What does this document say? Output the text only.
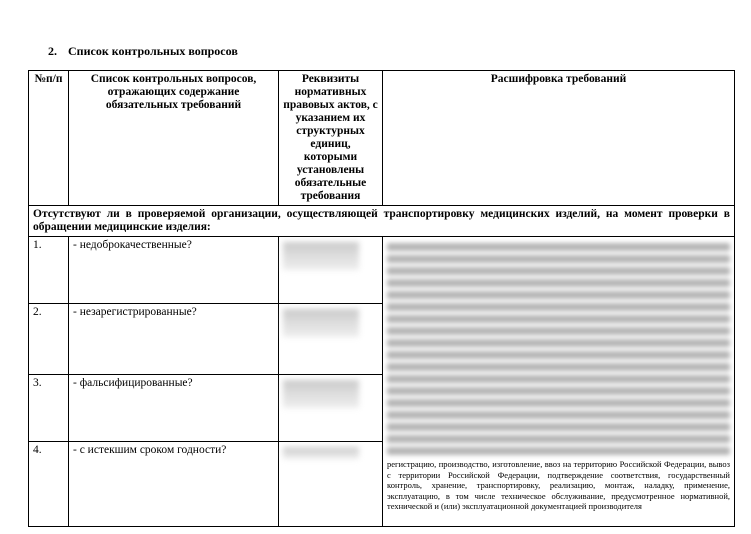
2. Список контрольных вопросов
№п/п	Список контрольных вопросов, отражающих содержание обязательных требований	Реквизиты нормативных правовых актов, с указанием их структурных единиц, которыми установлены обязательные требования	Расшифровка требований
Отсутствуют ли в проверяемой организации, осуществляющей транспортировку медицинских изделий, на момент проверки в обращении медицинские изделия:			
1.	- недоброкачественные?		регистрацию, производство, изготовление, ввоз на территорию Российской Федерации, вывоз с территории Российской Федерации, подтверждение соответствия, государственный контроль, хранение, транспортировку, реализацию, монтаж, наладку, применение, эксплуатацию, в том числе техническое обслуживание, предусмотренное нормативной, технической и (или) эксплуатационной документацией производителя

2.	- незарегистрированные?		

3.	- фальсифицированные?		

4.	- с истекшим сроком годности?		
